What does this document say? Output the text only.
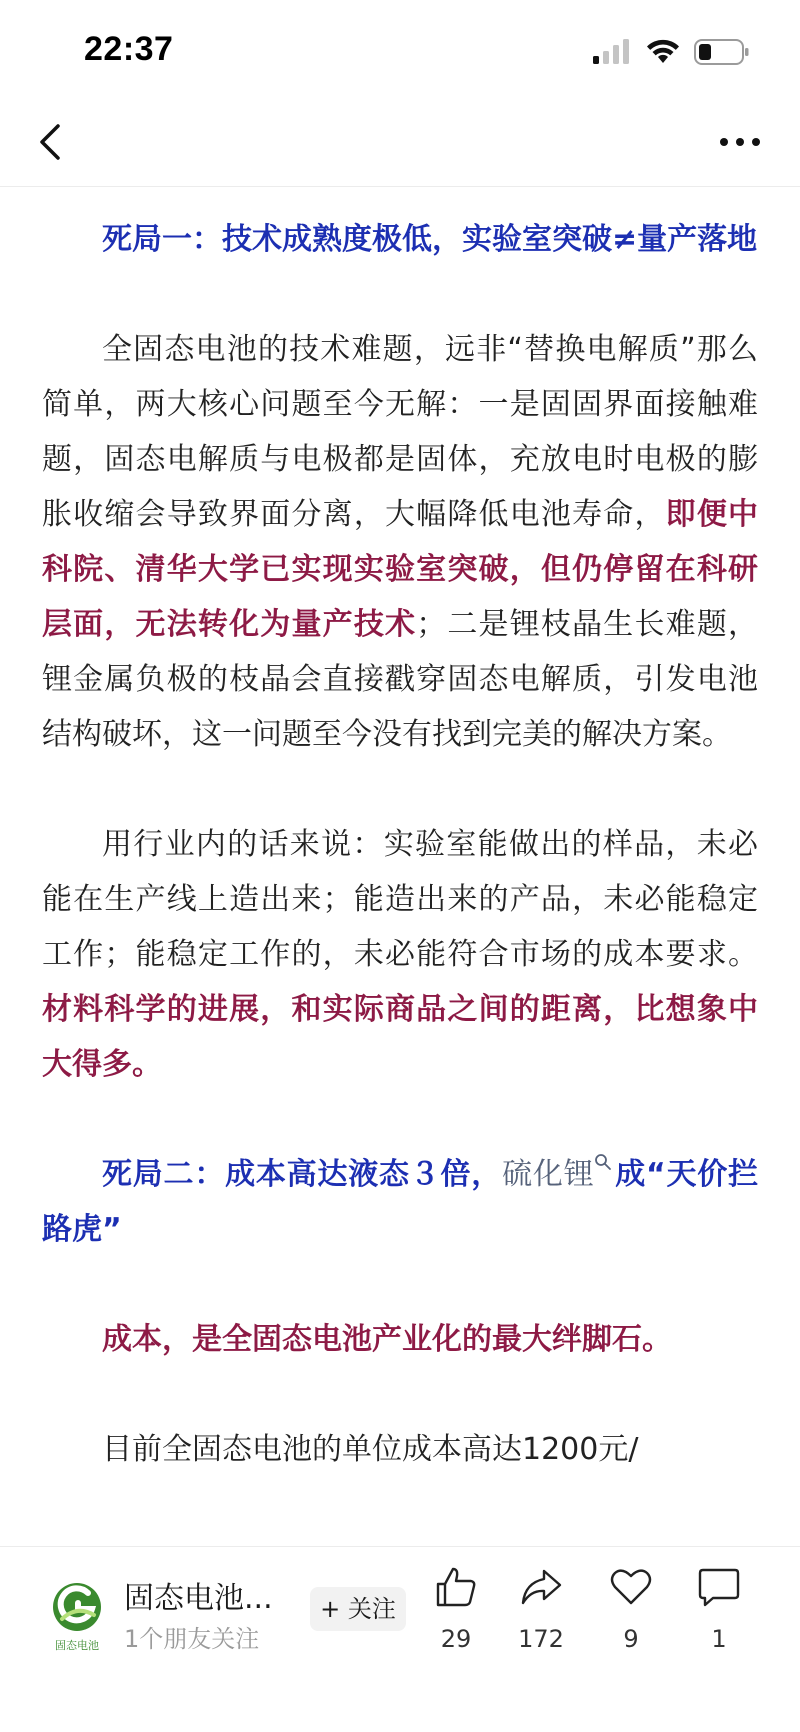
22:37

死局一：技术成熟度极低，实验室突破≠量产落地

全固态电池的技术难题，远非“替换电解质”那么简单，两大核心问题至今无解：一是固固界面接触难题，固态电解质与电极都是固体，充放电时电极的膨胀收缩会导致界面分离，大幅降低电池寿命，即便中科院、清华大学已实现实验室突破，但仍停留在科研层面，无法转化为量产技术；二是锂枝晶生长难题，锂金属负极的枝晶会直接戳穿固态电解质，引发电池结构破坏，这一问题至今没有找到完美的解决方案。

用行业内的话来说：实验室能做出的样品，未必能在生产线上造出来；能造出来的产品，未必能稳定工作；能稳定工作的，未必能符合市场的成本要求。材料科学的进展，和实际商品之间的距离，比想象中大得多。

死局二：成本高达液态３倍，硫化锂 成“天价拦路虎”

成本，是全固态电池产业化的最大绊脚石。

目前全固态电池的单位成本高达1200元/

固态电池
固态电池...
1个朋友关注
+ 关注
29	172	9	1
